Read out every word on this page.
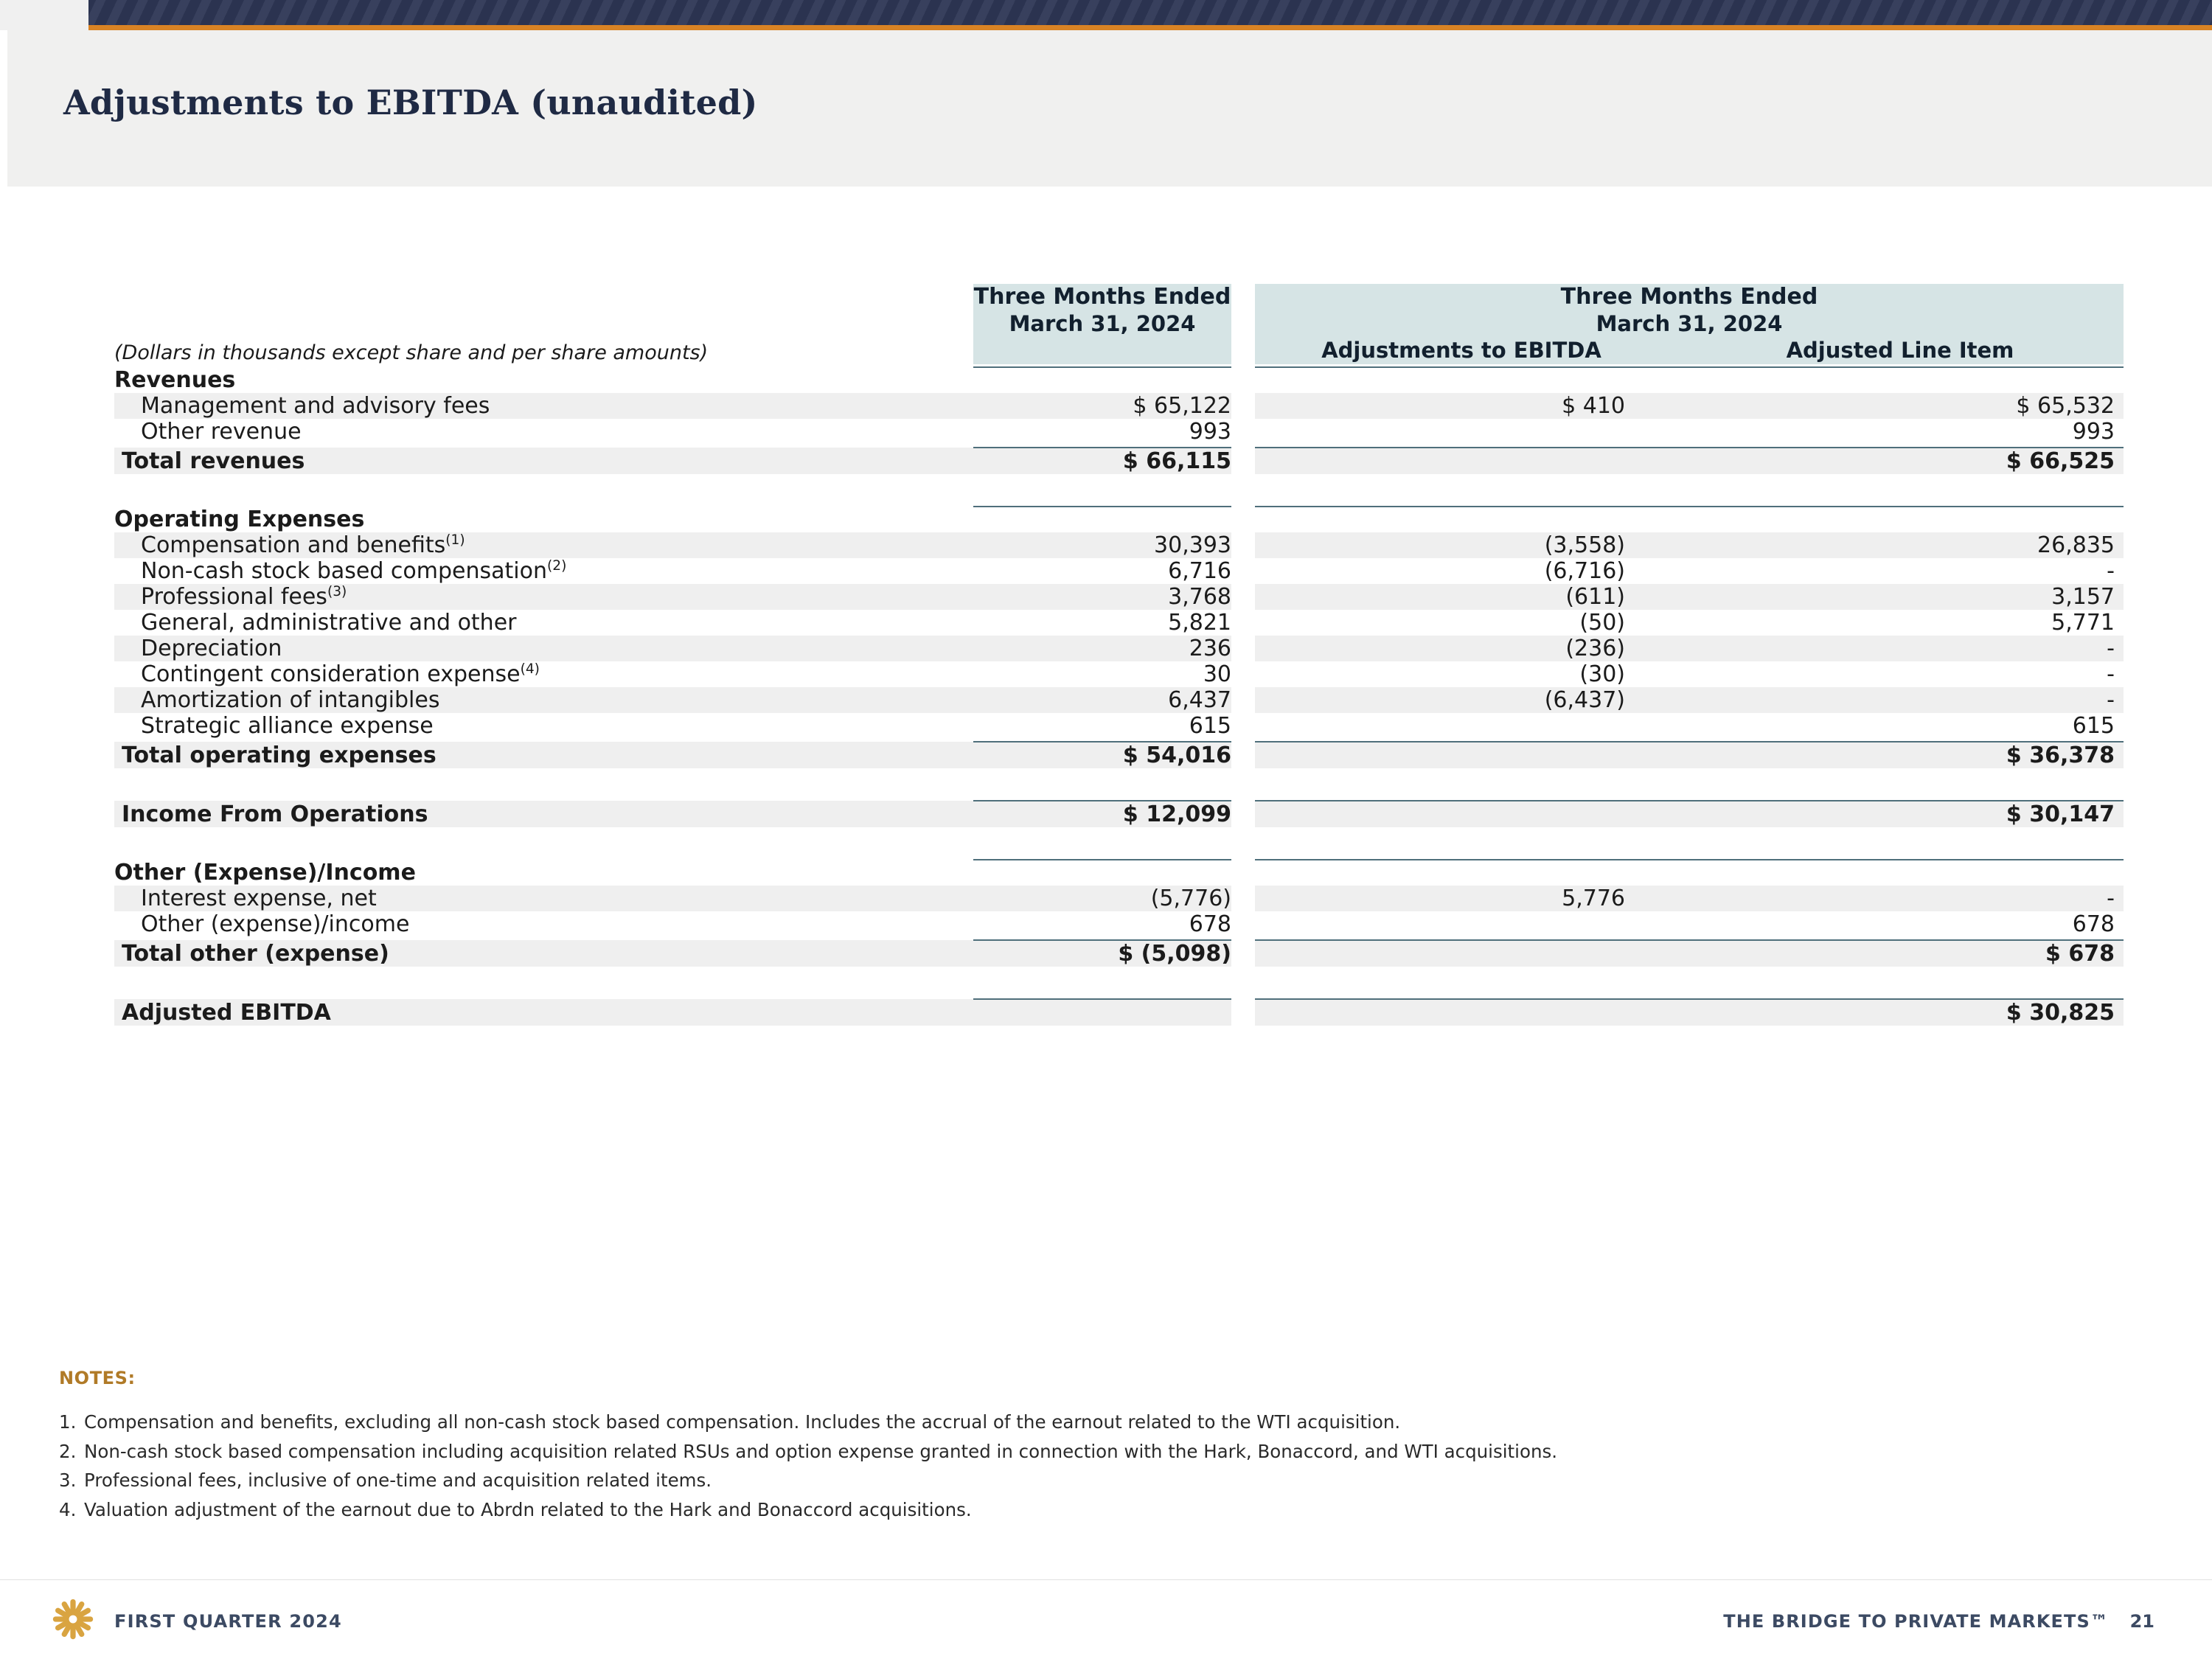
Adjustments to EBITDA (unaudited)
		Three Months Ended		Three Months Ended		
		March 31, 2024		March 31, 2024		
(Dollars in thousands except share and per share amounts)				Adjustments to EBITDA		Adjusted Line Item

Revenues						
Management and advisory fees		$ 65,122		$ 410		$ 65,532
Other revenue		993				993

Total revenues		$ 66,115				$ 66,525

Operating Expenses						
Compensation and benefits$^{(1)}$		30,393		(3,558)		26,835
Non-cash stock based compensation$^{(2)}$		6,716		(6,716)		-
Professional fees$^{(3)}$		3,768		(611)		3,157
General, administrative and other		5,821		(50)		5,771
Depreciation		236		(236)		-
Contingent consideration expense$^{(4)}$		30		(30)		-
Amortization of intangibles		6,437		(6,437)		-
Strategic alliance expense		615				615

Total operating expenses		$ 54,016				$ 36,378

Income From Operations		$ 12,099				$ 30,147

Other (Expense)/Income						
Interest expense, net		(5,776)		5,776		-
Other (expense)/income		678				678

Total other (expense)		$ (5,098)				$ 678

Adjusted EBITDA						$ 30,825
NOTES:
1. Compensation and benefits, excluding all non-cash stock based compensation. Includes the accrual of the earnout related to the WTI acquisition.
2. Non-cash stock based compensation including acquisition related RSUs and option expense granted in connection with the Hark, Bonaccord, and WTI acquisitions.
3. Professional fees, inclusive of one-time and acquisition related items.
4. Valuation adjustment of the earnout due to Abrdn related to the Hark and Bonaccord acquisitions.
FIRST QUARTER 2024	THE BRIDGE TO PRIVATE MARKETS™ 21
